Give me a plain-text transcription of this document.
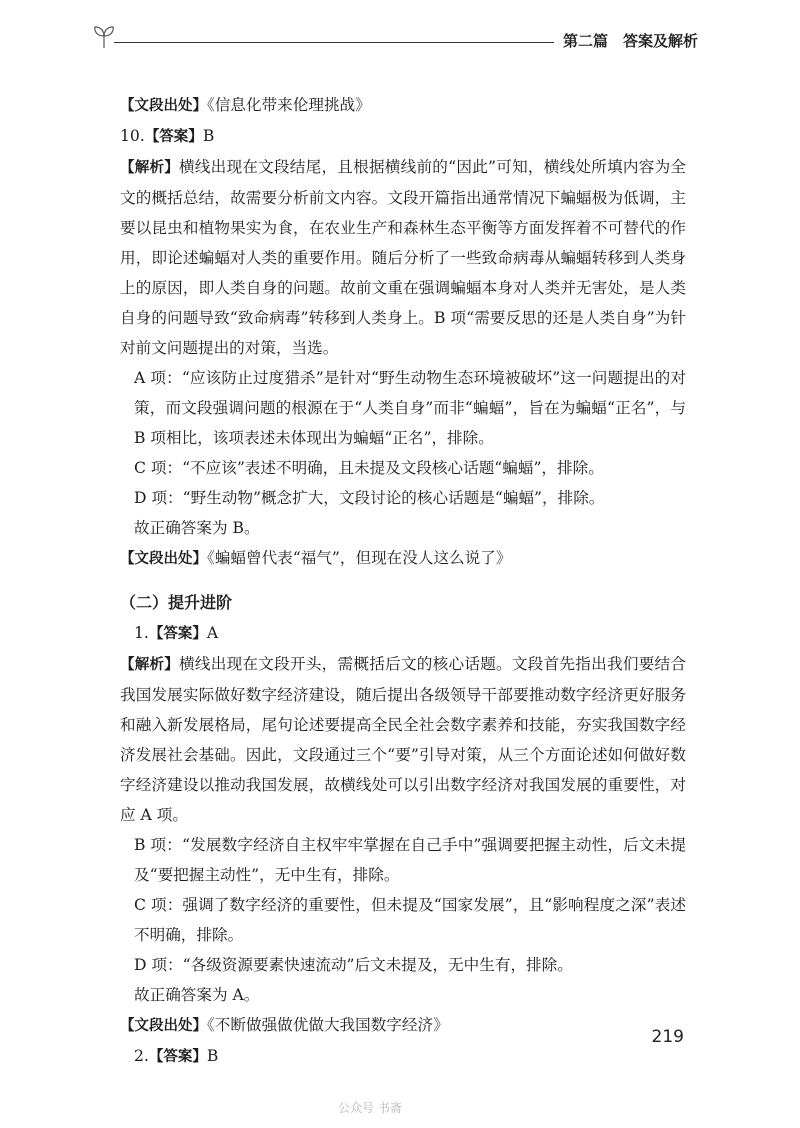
第二篇　答案及解析

【文段出处】《信息化带来伦理挑战》

10.【答案】B

【解析】横线出现在文段结尾，且根据横线前的“因此”可知，横线处所填内容为全文的概括总结，故需要分析前文内容。文段开篇指出通常情况下蝙蝠极为低调，主要以昆虫和植物果实为食，在农业生产和森林生态平衡等方面发挥着不可替代的作用，即论述蝙蝠对人类的重要作用。随后分析了一些致命病毒从蝙蝠转移到人类身上的原因，即人类自身的问题。故前文重在强调蝙蝠本身对人类并无害处，是人类自身的问题导致“致命病毒”转移到人类身上。B 项“需要反思的还是人类自身”为针对前文问题提出的对策，当选。

A 项：“应该防止过度猎杀”是针对“野生动物生态环境被破坏”这一问题提出的对策，而文段强调问题的根源在于“人类自身”而非“蝙蝠”，旨在为蝙蝠“正名”，与 B 项相比，该项表述未体现出为蝙蝠“正名”，排除。

C 项：“不应该”表述不明确，且未提及文段核心话题“蝙蝠”，排除。

D 项：“野生动物”概念扩大，文段讨论的核心话题是“蝙蝠”，排除。

故正确答案为 B。

【文段出处】《蝙蝠曾代表“福气”，但现在没人这么说了》

（二）提升进阶

1.【答案】A

【解析】横线出现在文段开头，需概括后文的核心话题。文段首先指出我们要结合我国发展实际做好数字经济建设，随后提出各级领导干部要推动数字经济更好服务和融入新发展格局，尾句论述要提高全民全社会数字素养和技能，夯实我国数字经济发展社会基础。因此，文段通过三个“要”引导对策，从三个方面论述如何做好数字经济建设以推动我国发展，故横线处可以引出数字经济对我国发展的重要性，对应 A 项。

B 项：“发展数字经济自主权牢牢掌握在自己手中”强调要把握主动性，后文未提及“要把握主动性”，无中生有，排除。

C 项：强调了数字经济的重要性，但未提及“国家发展”，且“影响程度之深”表述不明确，排除。

D 项：“各级资源要素快速流动”后文未提及，无中生有，排除。

故正确答案为 A。

【文段出处】《不断做强做优做大我国数字经济》

2.【答案】B

219
公众号 书斋
